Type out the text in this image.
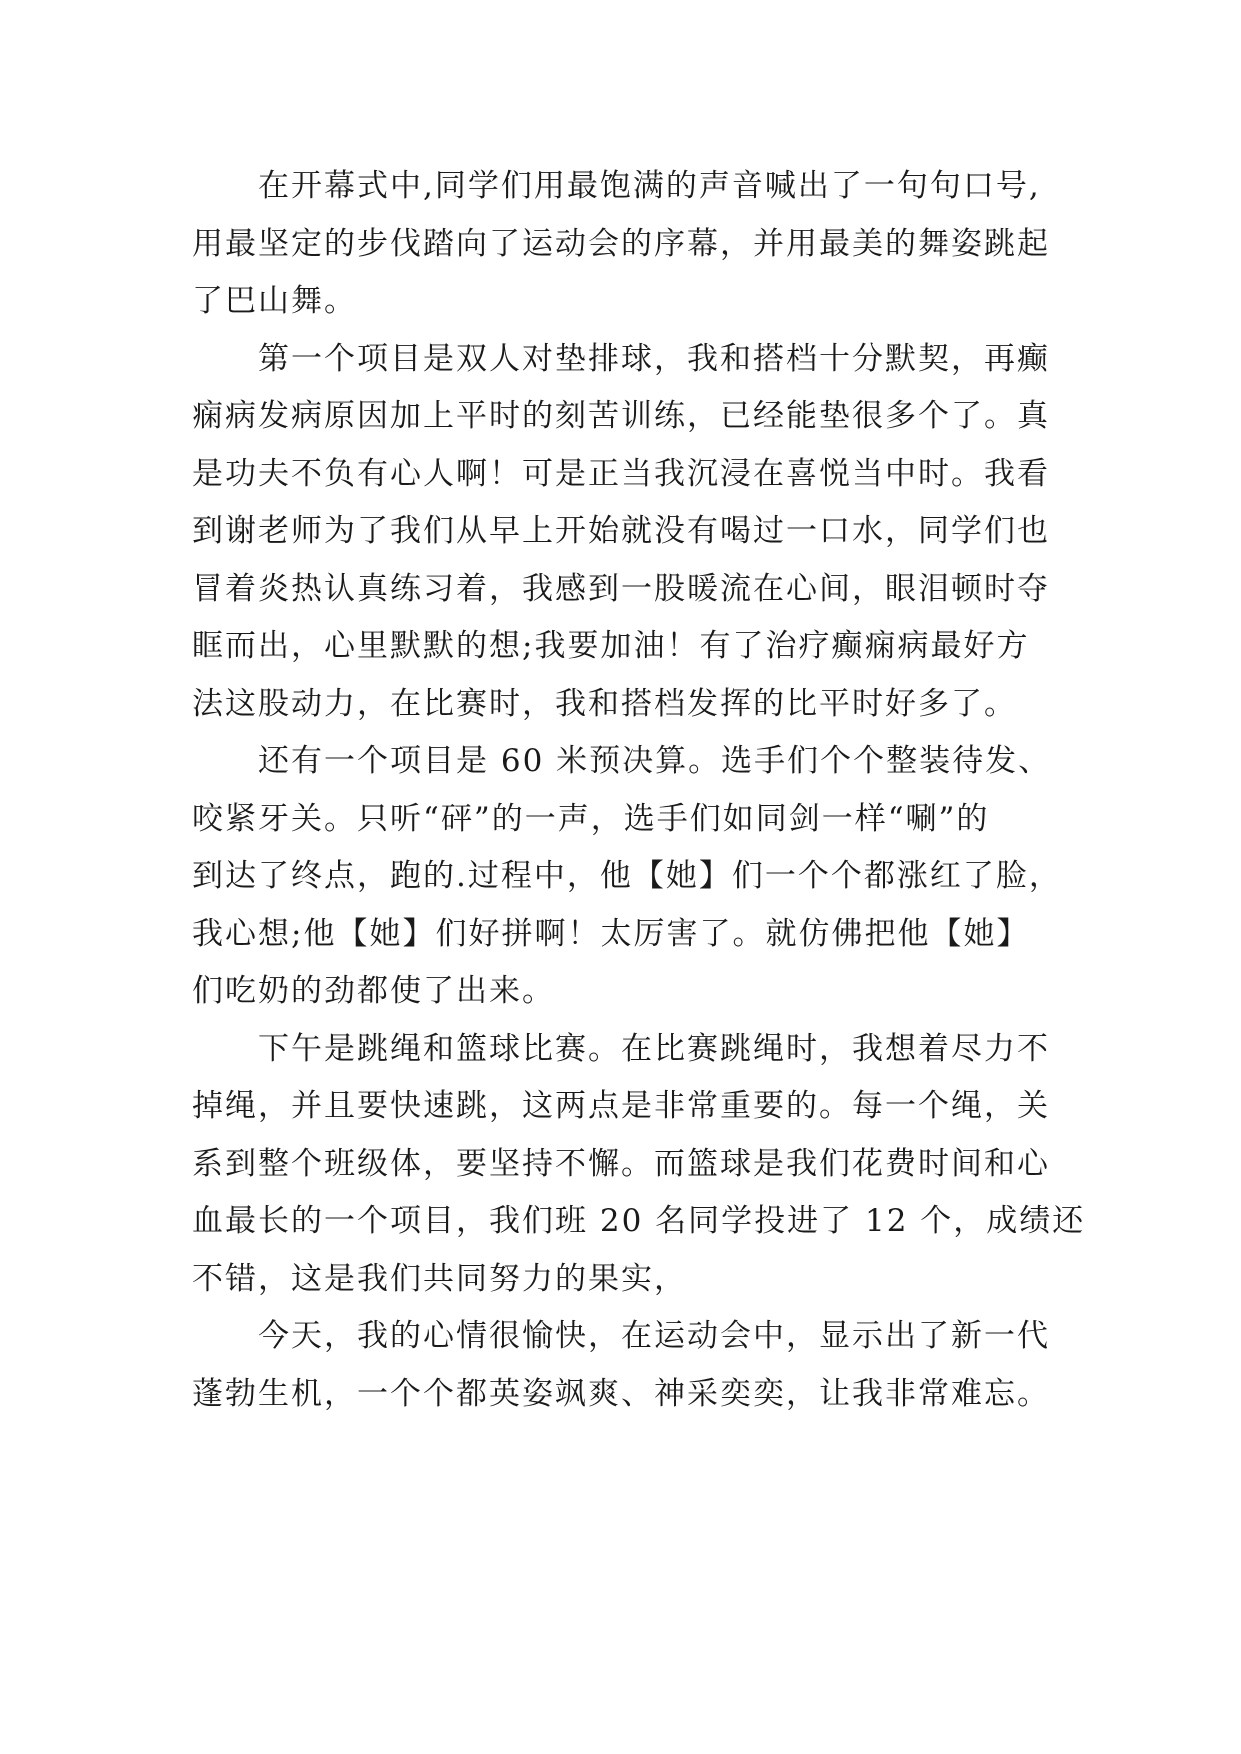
在开幕式中,同学们用最饱满的声音喊出了一句句口号,
用最坚定的步伐踏向了运动会的序幕，并用最美的舞姿跳起
了巴山舞。

第一个项目是双人对垫排球，我和搭档十分默契，再癫
痫病发病原因加上平时的刻苦训练，已经能垫很多个了。真
是功夫不负有心人啊！可是正当我沉浸在喜悦当中时。我看
到谢老师为了我们从早上开始就没有喝过一口水，同学们也
冒着炎热认真练习着，我感到一股暖流在心间，眼泪顿时夺
眶而出，心里默默的想;我要加油！有了治疗癫痫病最好方
法这股动力，在比赛时，我和搭档发挥的比平时好多了。

还有一个项目是 60 米预决算。选手们个个整装待发、
咬紧牙关。只听“砰”的一声，选手们如同剑一样“唰”的
到达了终点，跑的.过程中，他【她】们一个个都涨红了脸，
我心想;他【她】们好拼啊！太厉害了。就仿佛把他【她】
们吃奶的劲都使了出来。

下午是跳绳和篮球比赛。在比赛跳绳时，我想着尽力不
掉绳，并且要快速跳，这两点是非常重要的。每一个绳，关
系到整个班级体，要坚持不懈。而篮球是我们花费时间和心
血最长的一个项目，我们班 20 名同学投进了 12 个，成绩还
不错，这是我们共同努力的果实，

今天，我的心情很愉快，在运动会中，显示出了新一代
蓬勃生机，一个个都英姿飒爽、神采奕奕，让我非常难忘。
